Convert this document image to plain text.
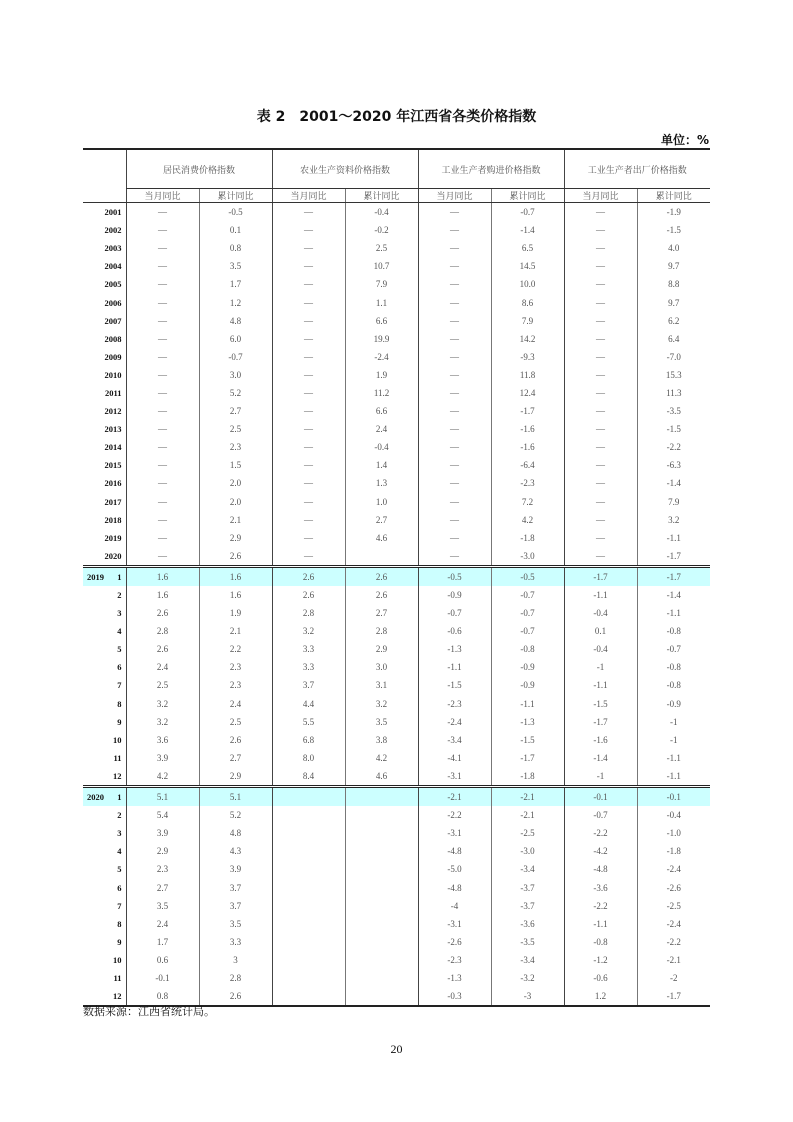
表 2　2001～2020 年江西省各类价格指数
单位：%
	居民消费价格指数		农业生产资料价格指数		工业生产者购进价格指数		工业生产者出厂价格指数	
	当月同比	累计同比	当月同比	累计同比	当月同比	累计同比	当月同比	累计同比
2001	—	-0.5	—	-0.4	—	-0.7	—	-1.9
2002	—	0.1	—	-0.2	—	-1.4	—	-1.5
2003	—	0.8	—	2.5	—	6.5	—	4.0
2004	—	3.5	—	10.7	—	14.5	—	9.7
2005	—	1.7	—	7.9	—	10.0	—	8.8
2006	—	1.2	—	1.1	—	8.6	—	9.7
2007	—	4.8	—	6.6	—	7.9	—	6.2
2008	—	6.0	—	19.9	—	14.2	—	6.4
2009	—	-0.7	—	-2.4	—	-9.3	—	-7.0
2010	—	3.0	—	1.9	—	11.8	—	15.3
2011	—	5.2	—	11.2	—	12.4	—	11.3
2012	—	2.7	—	6.6	—	-1.7	—	-3.5
2013	—	2.5	—	2.4	—	-1.6	—	-1.5
2014	—	2.3	—	-0.4	—	-1.6	—	-2.2
2015	—	1.5	—	1.4	—	-6.4	—	-6.3
2016	—	2.0	—	1.3	—	-2.3	—	-1.4
2017	—	2.0	—	1.0	—	7.2	—	7.9
2018	—	2.1	—	2.7	—	4.2	—	3.2
2019	—	2.9	—	4.6	—	-1.8	—	-1.1
2020	—	2.6	—		—	-3.0	—	-1.7

2019 1	1.6	1.6	2.6	2.6	-0.5	-0.5	-1.7	-1.7
2	1.6	1.6	2.6	2.6	-0.9	-0.7	-1.1	-1.4
3	2.6	1.9	2.8	2.7	-0.7	-0.7	-0.4	-1.1
4	2.8	2.1	3.2	2.8	-0.6	-0.7	0.1	-0.8
5	2.6	2.2	3.3	2.9	-1.3	-0.8	-0.4	-0.7
6	2.4	2.3	3.3	3.0	-1.1	-0.9	-1	-0.8
7	2.5	2.3	3.7	3.1	-1.5	-0.9	-1.1	-0.8
8	3.2	2.4	4.4	3.2	-2.3	-1.1	-1.5	-0.9
9	3.2	2.5	5.5	3.5	-2.4	-1.3	-1.7	-1
10	3.6	2.6	6.8	3.8	-3.4	-1.5	-1.6	-1
11	3.9	2.7	8.0	4.2	-4.1	-1.7	-1.4	-1.1
12	4.2	2.9	8.4	4.6	-3.1	-1.8	-1	-1.1

2020 1	5.1	5.1			-2.1	-2.1	-0.1	-0.1
2	5.4	5.2			-2.2	-2.1	-0.7	-0.4
3	3.9	4.8			-3.1	-2.5	-2.2	-1.0
4	2.9	4.3			-4.8	-3.0	-4.2	-1.8
5	2.3	3.9			-5.0	-3.4	-4.8	-2.4
6	2.7	3.7			-4.8	-3.7	-3.6	-2.6
7	3.5	3.7			-4	-3.7	-2.2	-2.5
8	2.4	3.5			-3.1	-3.6	-1.1	-2.4
9	1.7	3.3			-2.6	-3.5	-0.8	-2.2
10	0.6	3			-2.3	-3.4	-1.2	-2.1
11	-0.1	2.8			-1.3	-3.2	-0.6	-2
12	0.8	2.6			-0.3	-3	1.2	-1.7
数据来源：江西省统计局。
20
